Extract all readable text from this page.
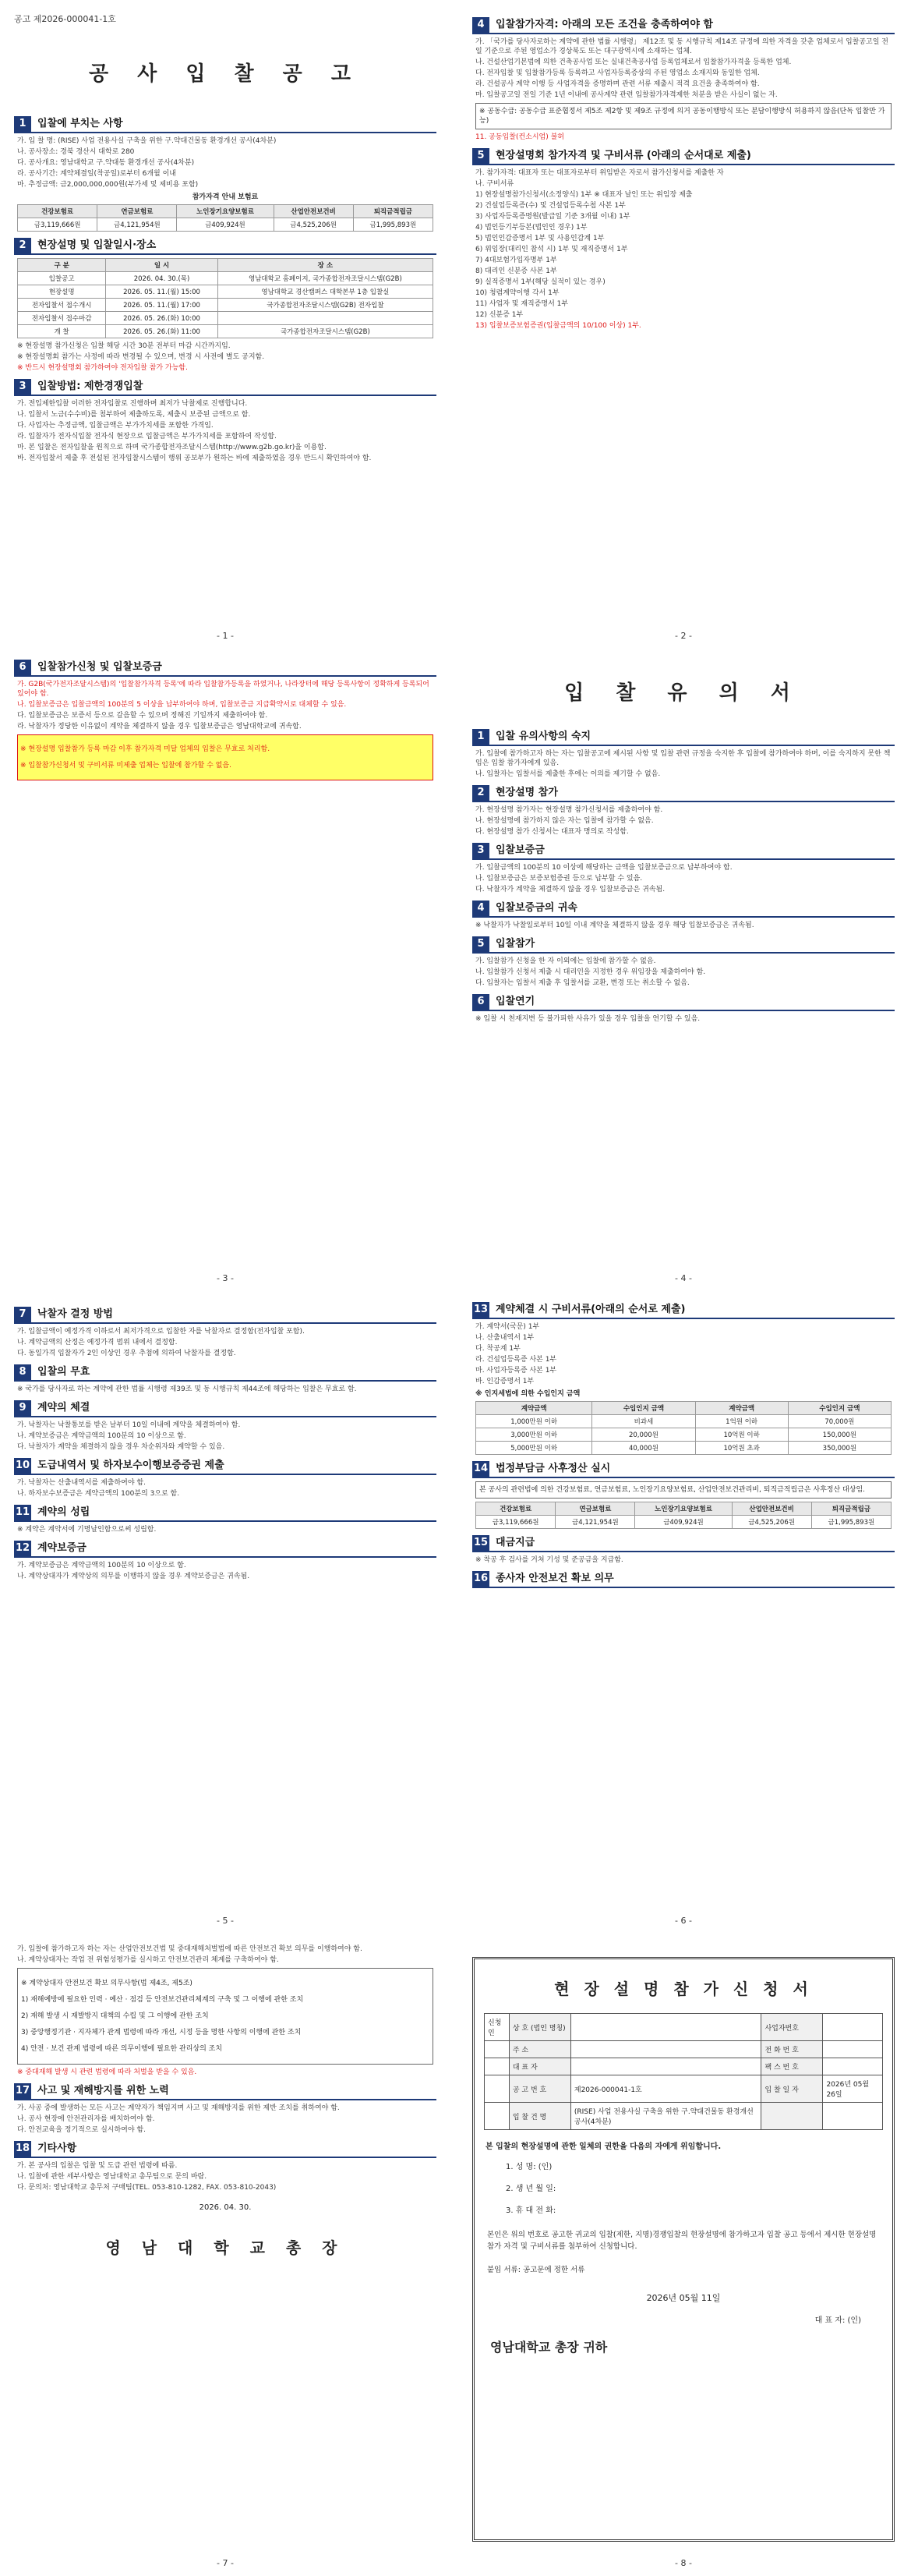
공고 제2026-000041-1호
공 사 입 찰 공 고
1	입찰에 부치는 사항

가. 입 찰 명: (RISE) 사업 전용사실 구축을 위한 구.약대건물동 환경개선 공사(4차분)

나. 공사장소: 경북 경산시 대학로 280

다. 공사개요: 영남대학교 구.약대동 환경개선 공사(4차분)

라. 공사기간: 계약체결일(착공일)로부터 6개월 이내

마. 추정금액: 금2,000,000,000원(부가세 및 제비용 포함)

참가자격 안내 보험료
건강보험료	연금보험료	노인장기요양보험료	산업안전보건비	퇴직금적립금
금3,119,666원	금4,121,954원	금409,924원	금4,525,206원	금1,995,893원
2	현장설명 및 입찰일시·장소
구 분	일 시	장 소
입찰공고	2026. 04. 30.(목)	영남대학교 홈페이지, 국가종합전자조달시스템(G2B)
현장설명	2026. 05. 11.(월) 15:00	영남대학교 경산캠퍼스 대학본부 1층 입찰실
전자입찰서 접수개시	2026. 05. 11.(월) 17:00	국가종합전자조달시스템(G2B) 전자입찰
전자입찰서 접수마감	2026. 05. 26.(화) 10:00	
개 찰	2026. 05. 26.(화) 11:00	국가종합전자조달시스템(G2B)

※ 현장설명 참가신청은 입찰 해당 시간 30분 전부터 마감 시간까지임.

※ 현장설명회 참가는 사정에 따라 변경될 수 있으며, 변경 시 사전에 별도 공지함.

※ 반드시 현장설명회 참가하여야 전자입찰 참가 가능함.
3	입찰방법: 제한경쟁입찰

가. 전입제한입찰 이러한 전자입찰로 진행하며 최저가 낙찰제로 진행합니다.

나. 입찰서 노금(수수비)를 첨부하여 제출하도록, 제출시 보증된 금액으로 함.

다. 사업자는 추정금액, 입찰금액은 부가가치세를 포함한 가격임.

라. 입찰자가 전자식입찰 전자식 현장으로 입찰금액은 부가가치세를 포함하여 작성함.

마. 본 입찰은 전자입찰을 원칙으로 하며 국가종합전자조달시스템(http://www.g2b.go.kr)을 이용함.

바. 전자입찰서 제출 후 전설된 전자입찰시스템이 행위 공보부가 원하는 바에 제출하였음 경우 반드시 확인하여야 함.

- 1 -
4	입찰참가자격: 아래의 모든 조건을 충족하여야 함

가. 「국가를 당사자로하는 계약에 관한 법률 시행령」 제12조 및 동 시행규칙 제14조 규정에 의한 자격을 갖춘 업체로서 입찰공고일 전일 기준으로 주된 영업소가 경상북도 또는 대구광역시에 소재하는 업체.

나. 건설산업기본법에 의한 건축공사업 또는 실내건축공사업 등록업체로서 입찰참가자격을 등록한 업체.

다. 전자입찰 및 입찰참가등록 등록하고 사업자등록증상의 주된 영업소 소재지와 동일한 업체.

라. 건설공사 계약 이행 등 사업자격을 증명하며 관련 서류 제출시 적격 요건을 충족하여야 함.

마. 입찰공고일 전일 기준 1년 이내에 공사계약 관련 입찰참가자격제한 처분을 받은 사실이 없는 자.

※ 공동수급: 공동수급 표준협정서 제5조 제2항 및 제9조 규정에 의거 공동이행방식 또는 분담이행방식 허용하지 않음(단독 입찰만 가능)
11. 공동입찰(컨소시엄) 불허
5	현장설명회 참가자격 및 구비서류 (아래의 순서대로 제출)

가. 참가자격: 대표자 또는 대표자로부터 위임받은 자로서 참가신청서를 제출한 자

나. 구비서류

1) 현장설명참가신청서(소정양식) 1부 ※ 대표자 날인 또는 위임장 제출

2) 건설업등록증(수) 및 건설업등록수첩 사본 1부

3) 사업자등록증명원(발급일 기준 3개월 이내) 1부

4) 법인등기부등본(법인인 경우) 1부

5) 법인인감증명서 1부 및 사용인감계 1부

6) 위임장(대리인 참석 시) 1부 및 재직증명서 1부

7) 4대보험가입자명부 1부

8) 대리인 신분증 사본 1부

9) 실적증명서 1부(해당 실적이 있는 경우)

10) 청렴계약이행 각서 1부

11) 사업자 및 재직증명서 1부

12) 신분증 1부

13) 입찰보증보험증권(입찰금액의 10/100 이상) 1부.
- 2 -
6	입찰참가신청 및 입찰보증금

가. G2B(국가전자조달시스템)의 '입찰참가자격 등록'에 따라 입찰참가등록을 하였거나, 나라장터에 해당 등록사항이 정확하게 등록되어 있어야 함.

나. 입찰보증금은 입찰금액의 100분의 5 이상을 납부하여야 하며, 입찰보증금 지급확약서로 대체할 수 있음.

다. 입찰보증금은 보증서 등으로 갈음할 수 있으며 정해진 기일까지 제출하여야 함.

라. 낙찰자가 정당한 이유없이 계약을 체결하지 않을 경우 입찰보증금은 영남대학교에 귀속함.

※ 현장설명 입찰참가 등록 마감 이후 참가자격 미달 업체의 입찰은 무효로 처리함.

※ 입찰참가신청서 및 구비서류 미제출 업체는 입찰에 참가할 수 없음.

- 3 -
입 찰 유 의 서
1	입찰 유의사항의 숙지

가. 입찰에 참가하고자 하는 자는 입찰공고에 제시된 사항 및 입찰 관련 규정을 숙지한 후 입찰에 참가하여야 하며, 이를 숙지하지 못한 책임은 입찰 참가자에게 있음.

나. 입찰자는 입찰서를 제출한 후에는 이의를 제기할 수 없음.

2	현장설명 참가

가. 현장설명 참가자는 현장설명 참가신청서를 제출하여야 함.

나. 현장설명에 참가하지 않은 자는 입찰에 참가할 수 없음.

다. 현장설명 참가 신청서는 대표자 명의로 작성함.

3	입찰보증금

가. 입찰금액의 100분의 10 이상에 해당하는 금액을 입찰보증금으로 납부하여야 함.

나. 입찰보증금은 보증보험증권 등으로 납부할 수 있음.

다. 낙찰자가 계약을 체결하지 않을 경우 입찰보증금은 귀속됨.

4	입찰보증금의 귀속

※ 낙찰자가 낙찰일로부터 10일 이내 계약을 체결하지 않을 경우 해당 입찰보증금은 귀속됨.

5	입찰참가

가. 입찰참가 신청을 한 자 이외에는 입찰에 참가할 수 없음.

나. 입찰참가 신청서 제출 시 대리인을 지정한 경우 위임장을 제출하여야 함.

다. 입찰자는 입찰서 제출 후 입찰서를 교환, 변경 또는 취소할 수 없음.

6	입찰연기

※ 입찰 시 천재지변 등 불가피한 사유가 있을 경우 입찰을 연기할 수 있음.

- 4 -
7	낙찰자 결정 방법

가. 입찰금액이 예정가격 이하로서 최저가격으로 입찰한 자를 낙찰자로 결정함(전자입찰 포함).

나. 계약금액의 산정은 예정가격 범위 내에서 결정함.

다. 동일가격 입찰자가 2인 이상인 경우 추첨에 의하여 낙찰자를 결정함.

8	입찰의 무효

※ 국가를 당사자로 하는 계약에 관한 법률 시행령 제39조 및 동 시행규칙 제44조에 해당하는 입찰은 무효로 함.

9	계약의 체결

가. 낙찰자는 낙찰통보를 받은 날부터 10일 이내에 계약을 체결하여야 함.

나. 계약보증금은 계약금액의 100분의 10 이상으로 함.

다. 낙찰자가 계약을 체결하지 않을 경우 차순위자와 계약할 수 있음.

10 도급내역서 및 하자보수이행보증증권 제출

가. 낙찰자는 산출내역서를 제출하여야 함.

나. 하자보수보증금은 계약금액의 100분의 3으로 함.

11 계약의 성립

※ 계약은 계약서에 기명날인함으로써 성립함.

12 계약보증금

가. 계약보증금은 계약금액의 100분의 10 이상으로 함.

나. 계약상대자가 계약상의 의무를 이행하지 않을 경우 계약보증금은 귀속됨.

- 5 -
13 계약체결 시 구비서류(아래의 순서로 제출)

가. 계약서(국문) 1부

나. 산출내역서 1부

다. 착공계 1부

라. 건설업등록증 사본 1부

마. 사업자등록증 사본 1부

바. 인감증명서 1부

※ 인지세법에 의한 수입인지 금액
계약금액	수입인지 금액	계약금액	수입인지 금액
1,000만원 이하	비과세	1억원 이하	70,000원
3,000만원 이하	20,000원	10억원 이하	150,000원
5,000만원 이하	40,000원	10억원 초과	350,000원
14 법정부담금 사후정산 실시
본 공사의 관련법에 의한 건강보험료, 연금보험료, 노인장기요양보험료, 산업안전보건관리비, 퇴직금적립금은 사후정산 대상임.
건강보험료	연금보험료	노인장기요양보험료	산업안전보건비	퇴직금적립금
금3,119,666원	금4,121,954원	금409,924원	금4,525,206원	금1,995,893원
15 대금지급

※ 착공 후 검사를 거쳐 기성 및 준공금을 지급함.

16 종사자 안전보건 확보 의무
- 6 -

가. 입찰에 참가하고자 하는 자는 산업안전보건법 및 중대재해처벌법에 따른 안전보건 확보 의무를 이행하여야 함.

나. 계약상대자는 작업 전 위험성평가를 실시하고 안전보건관리 체계를 구축하여야 함.

※ 계약상대자 안전보건 확보 의무사항(법 제4조, 제5조)

1) 재해예방에 필요한 인력 · 예산 · 점검 등 안전보건관리체계의 구축 및 그 이행에 관한 조치

2) 재해 발생 시 재발방지 대책의 수립 및 그 이행에 관한 조치

3) 중앙행정기관 · 지자체가 관계 법령에 따라 개선, 시정 등을 명한 사항의 이행에 관한 조치

4) 안전 · 보건 관계 법령에 따른 의무이행에 필요한 관리상의 조치

※ 중대재해 발생 시 관련 법령에 따라 처벌을 받을 수 있음.
17 사고 및 재해방지를 위한 노력

가. 사공 중에 발생하는 모든 사고는 계약자가 책임지며 사고 및 재해방지를 위한 제반 조치를 취하여야 함.

나. 공사 현장에 안전관리자를 배치하여야 함.

다. 안전교육을 정기적으로 실시하여야 함.

18 기타사항

가. 본 공사의 입찰은 입찰 및 도급 관련 법령에 따름.

나. 입찰에 관한 세부사항은 영남대학교 총무팀으로 문의 바람.

다. 문의처: 영남대학교 총무처 구매팀(TEL. 053-810-1282, FAX. 053-810-2043)

2026. 04. 30.
영 남 대 학 교 총 장
- 7 -
현 장 설 명 참 가 신 청 서
신청인	상 호 (법인 명칭)		사업자번호	
	주 소		전 화 번 호	
	대 표 자		팩 스 번 호	
	공 고 번 호	제2026-000041-1호	입 찰 일 자	2026년 05월 26일
	입 찰 건 명	(RISE) 사업 전용사실 구축을 위한 구.약대건물동 환경개선 공사(4차분)		
본 입찰의 현장설명에 관한 일체의 권한을 다음의 자에게 위임합니다.

1. 성 명: (인)

2. 생 년 월 일:

3. 휴 대 전 화:

본인은 위의 번호로 공고한 귀교의 입찰(제한, 지명)경쟁입찰의 현장설명에 참가하고자 입찰 공고 등에서 제시한 현장설명참가 자격 및 구비서류를 첨부하여 신청합니다.
붙임 서류: 공고문에 정한 서류
2026년 05월 11일
대 표 자: (인)
영남대학교 총장 귀하
- 8 -
